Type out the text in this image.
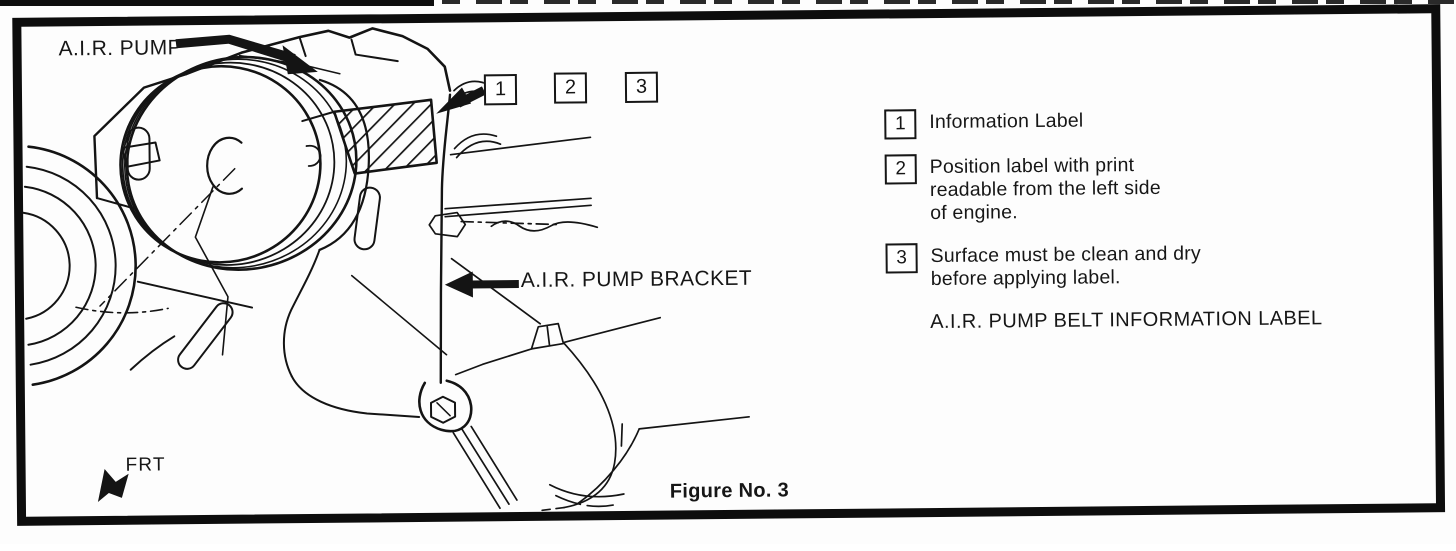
A.I.R. PUMP
A.I.R. PUMP BRACKET
FRT
Figure No. 3
1	2	3
1 Information Label
2 Position label with print
readable from the left side
of engine.
3 Surface must be clean and dry
before applying label.
A.I.R. PUMP BELT INFORMATION LABEL
